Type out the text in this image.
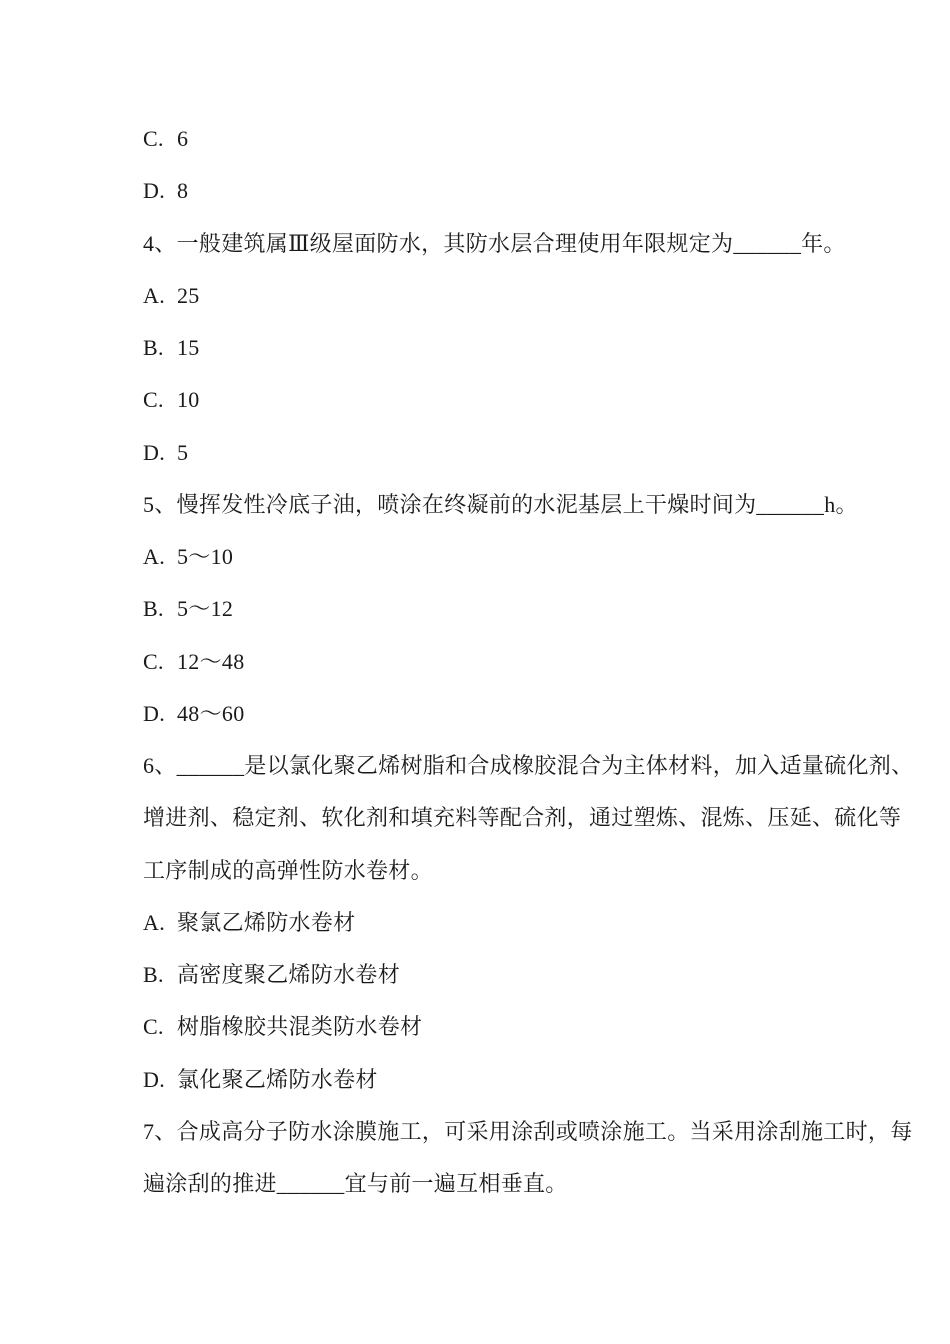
C. 6
D. 8
4、一般建筑属Ⅲ级屋面防水，其防水层合理使用年限规定为______年。
A. 25
B. 15
C. 10
D. 5
5、慢挥发性冷底子油，喷涂在终凝前的水泥基层上干燥时间为______h。
A. 5～10
B. 5～12
C. 12～48
D. 48～60
6、______是以氯化聚乙烯树脂和合成橡胶混合为主体材料，加入适量硫化剂、
增进剂、稳定剂、软化剂和填充料等配合剂，通过塑炼、混炼、压延、硫化等
工序制成的高弹性防水卷材。
A. 聚氯乙烯防水卷材
B. 高密度聚乙烯防水卷材
C. 树脂橡胶共混类防水卷材
D. 氯化聚乙烯防水卷材
7、合成高分子防水涂膜施工，可采用涂刮或喷涂施工。当采用涂刮施工时，每
遍涂刮的推进______宜与前一遍互相垂直。
